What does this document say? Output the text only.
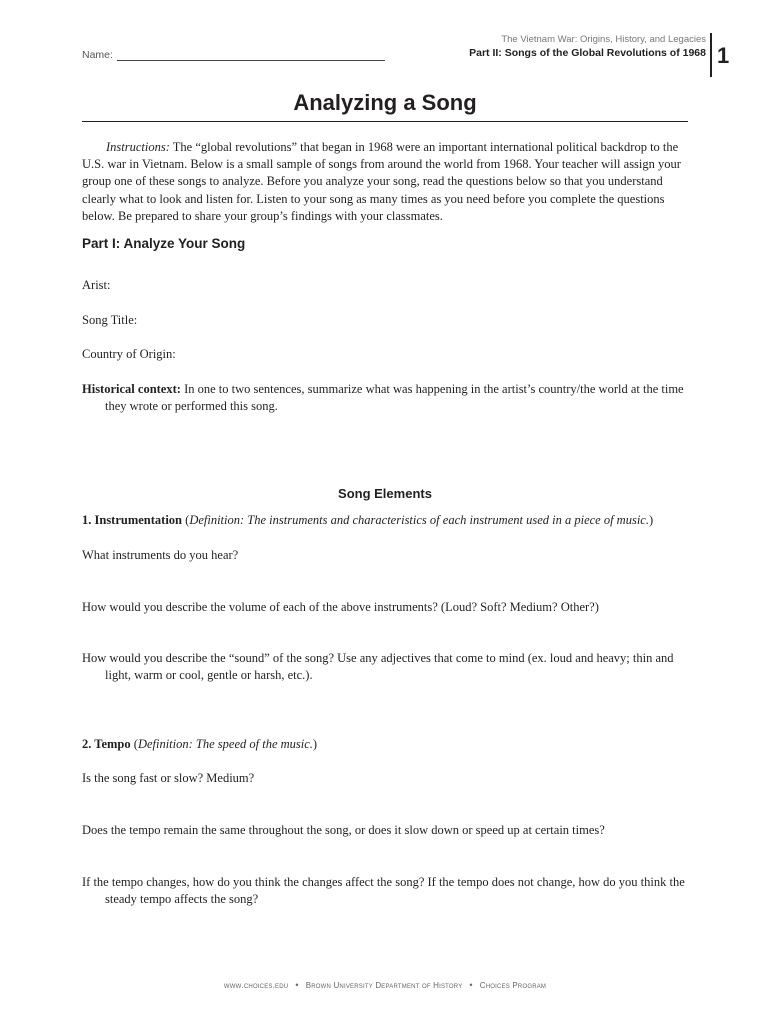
Name:
The Vietnam War: Origins, History, and Legacies
Part II: Songs of the Global Revolutions of 1968 1
Analyzing a Song

Instructions: The “global revolutions” that began in 1968 were an important international political backdrop to the U.S. war in Vietnam. Below is a small sample of songs from around the world from 1968. Your teacher will assign your group one of these songs to analyze. Before you analyze your song, read the questions below so that you understand clearly what to look and listen for. Listen to your song as many times as you need before you complete the questions below. Be prepared to share your group’s findings with your classmates.

Part I: Analyze Your Song
Arist:
Song Title:
Country of Origin:
Historical context: In one to two sentences, summarize what was happening in the artist’s country/the world at the time they wrote or performed this song.
Song Elements
1. Instrumentation (Definition: The instruments and characteristics of each instrument used in a piece of music.)
What instruments do you hear?
How would you describe the volume of each of the above instruments? (Loud? Soft? Medium? Other?)
How would you describe the “sound” of the song? Use any adjectives that come to mind (ex. loud and heavy; thin and light, warm or cool, gentle or harsh, etc.).
2. Tempo (Definition: The speed of the music.)
Is the song fast or slow? Medium?
Does the tempo remain the same throughout the song, or does it slow down or speed up at certain times?
If the tempo changes, how do you think the changes affect the song? If the tempo does not change, how do you think the steady tempo affects the song?
www.choices.edu • Brown University Department of History • Choices Program
